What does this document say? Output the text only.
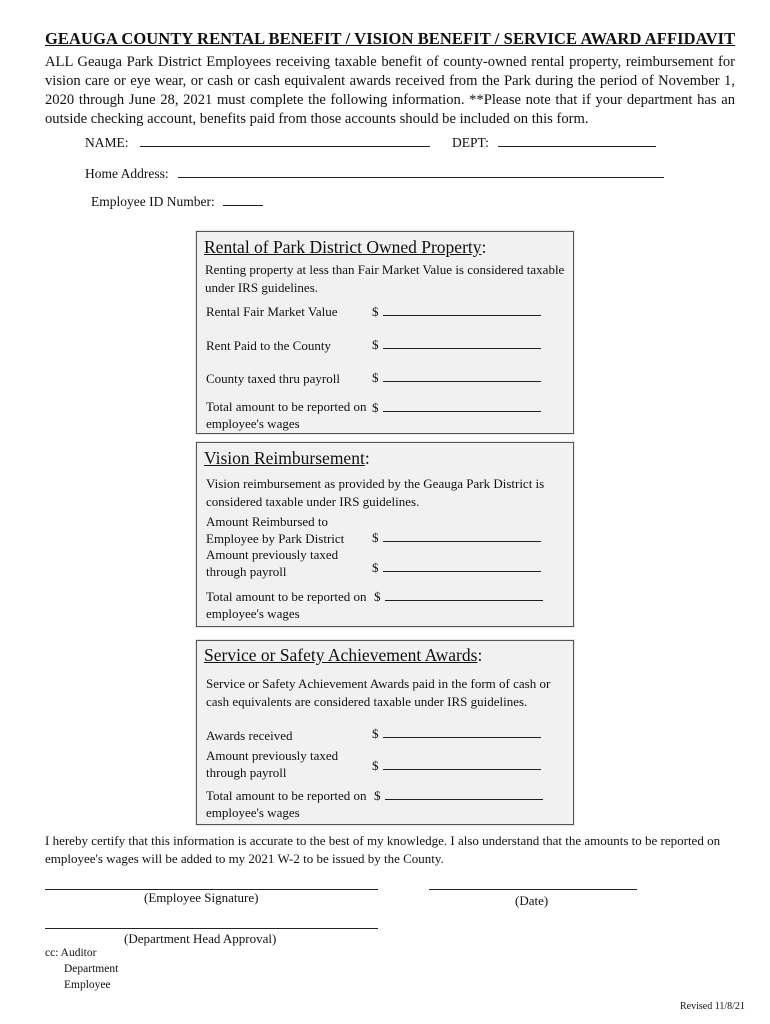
GEAUGA COUNTY RENTAL BENEFIT / VISION BENEFIT / SERVICE AWARD AFFIDAVIT
ALL Geauga Park District Employees receiving taxable benefit of county-owned rental property, reimbursement for vision care or eye wear, or cash or cash equivalent awards received from the Park during the period of November 1, 2020 through June 28, 2021 must complete the following information. **Please note that if your department has an outside checking account, benefits paid from those accounts should be included on this form.
NAME:	DEPT:
Home Address:
Employee ID Number:
Rental of Park District Owned Property:
Renting property at less than Fair Market Value is considered taxable under IRS guidelines.
Rental Fair Market Value	$
Rent Paid to the County	$
County taxed thru payroll	$
Total amount to be reported on employee's wages
$
Vision Reimbursement:
Vision reimbursement as provided by the Geauga Park District is considered taxable under IRS guidelines.
Amount Reimbursed to Employee by Park District	$
Amount previously taxed through payroll	$
Total amount to be reported on employee's wages
$
Service or Safety Achievement Awards:
Service or Safety Achievement Awards paid in the form of cash or cash equivalents are considered taxable under IRS guidelines.
Awards received	$
Amount previously taxed through payroll	$
Total amount to be reported on employee's wages
$
I hereby certify that this information is accurate to the best of my knowledge. I also understand that the amounts to be reported on employee's wages will be added to my 2021 W-2 to be issued by the County.
(Employee Signature)	(Date)
(Department Head Approval)
cc: Auditor
Department
Employee
Revised 11/8/21
